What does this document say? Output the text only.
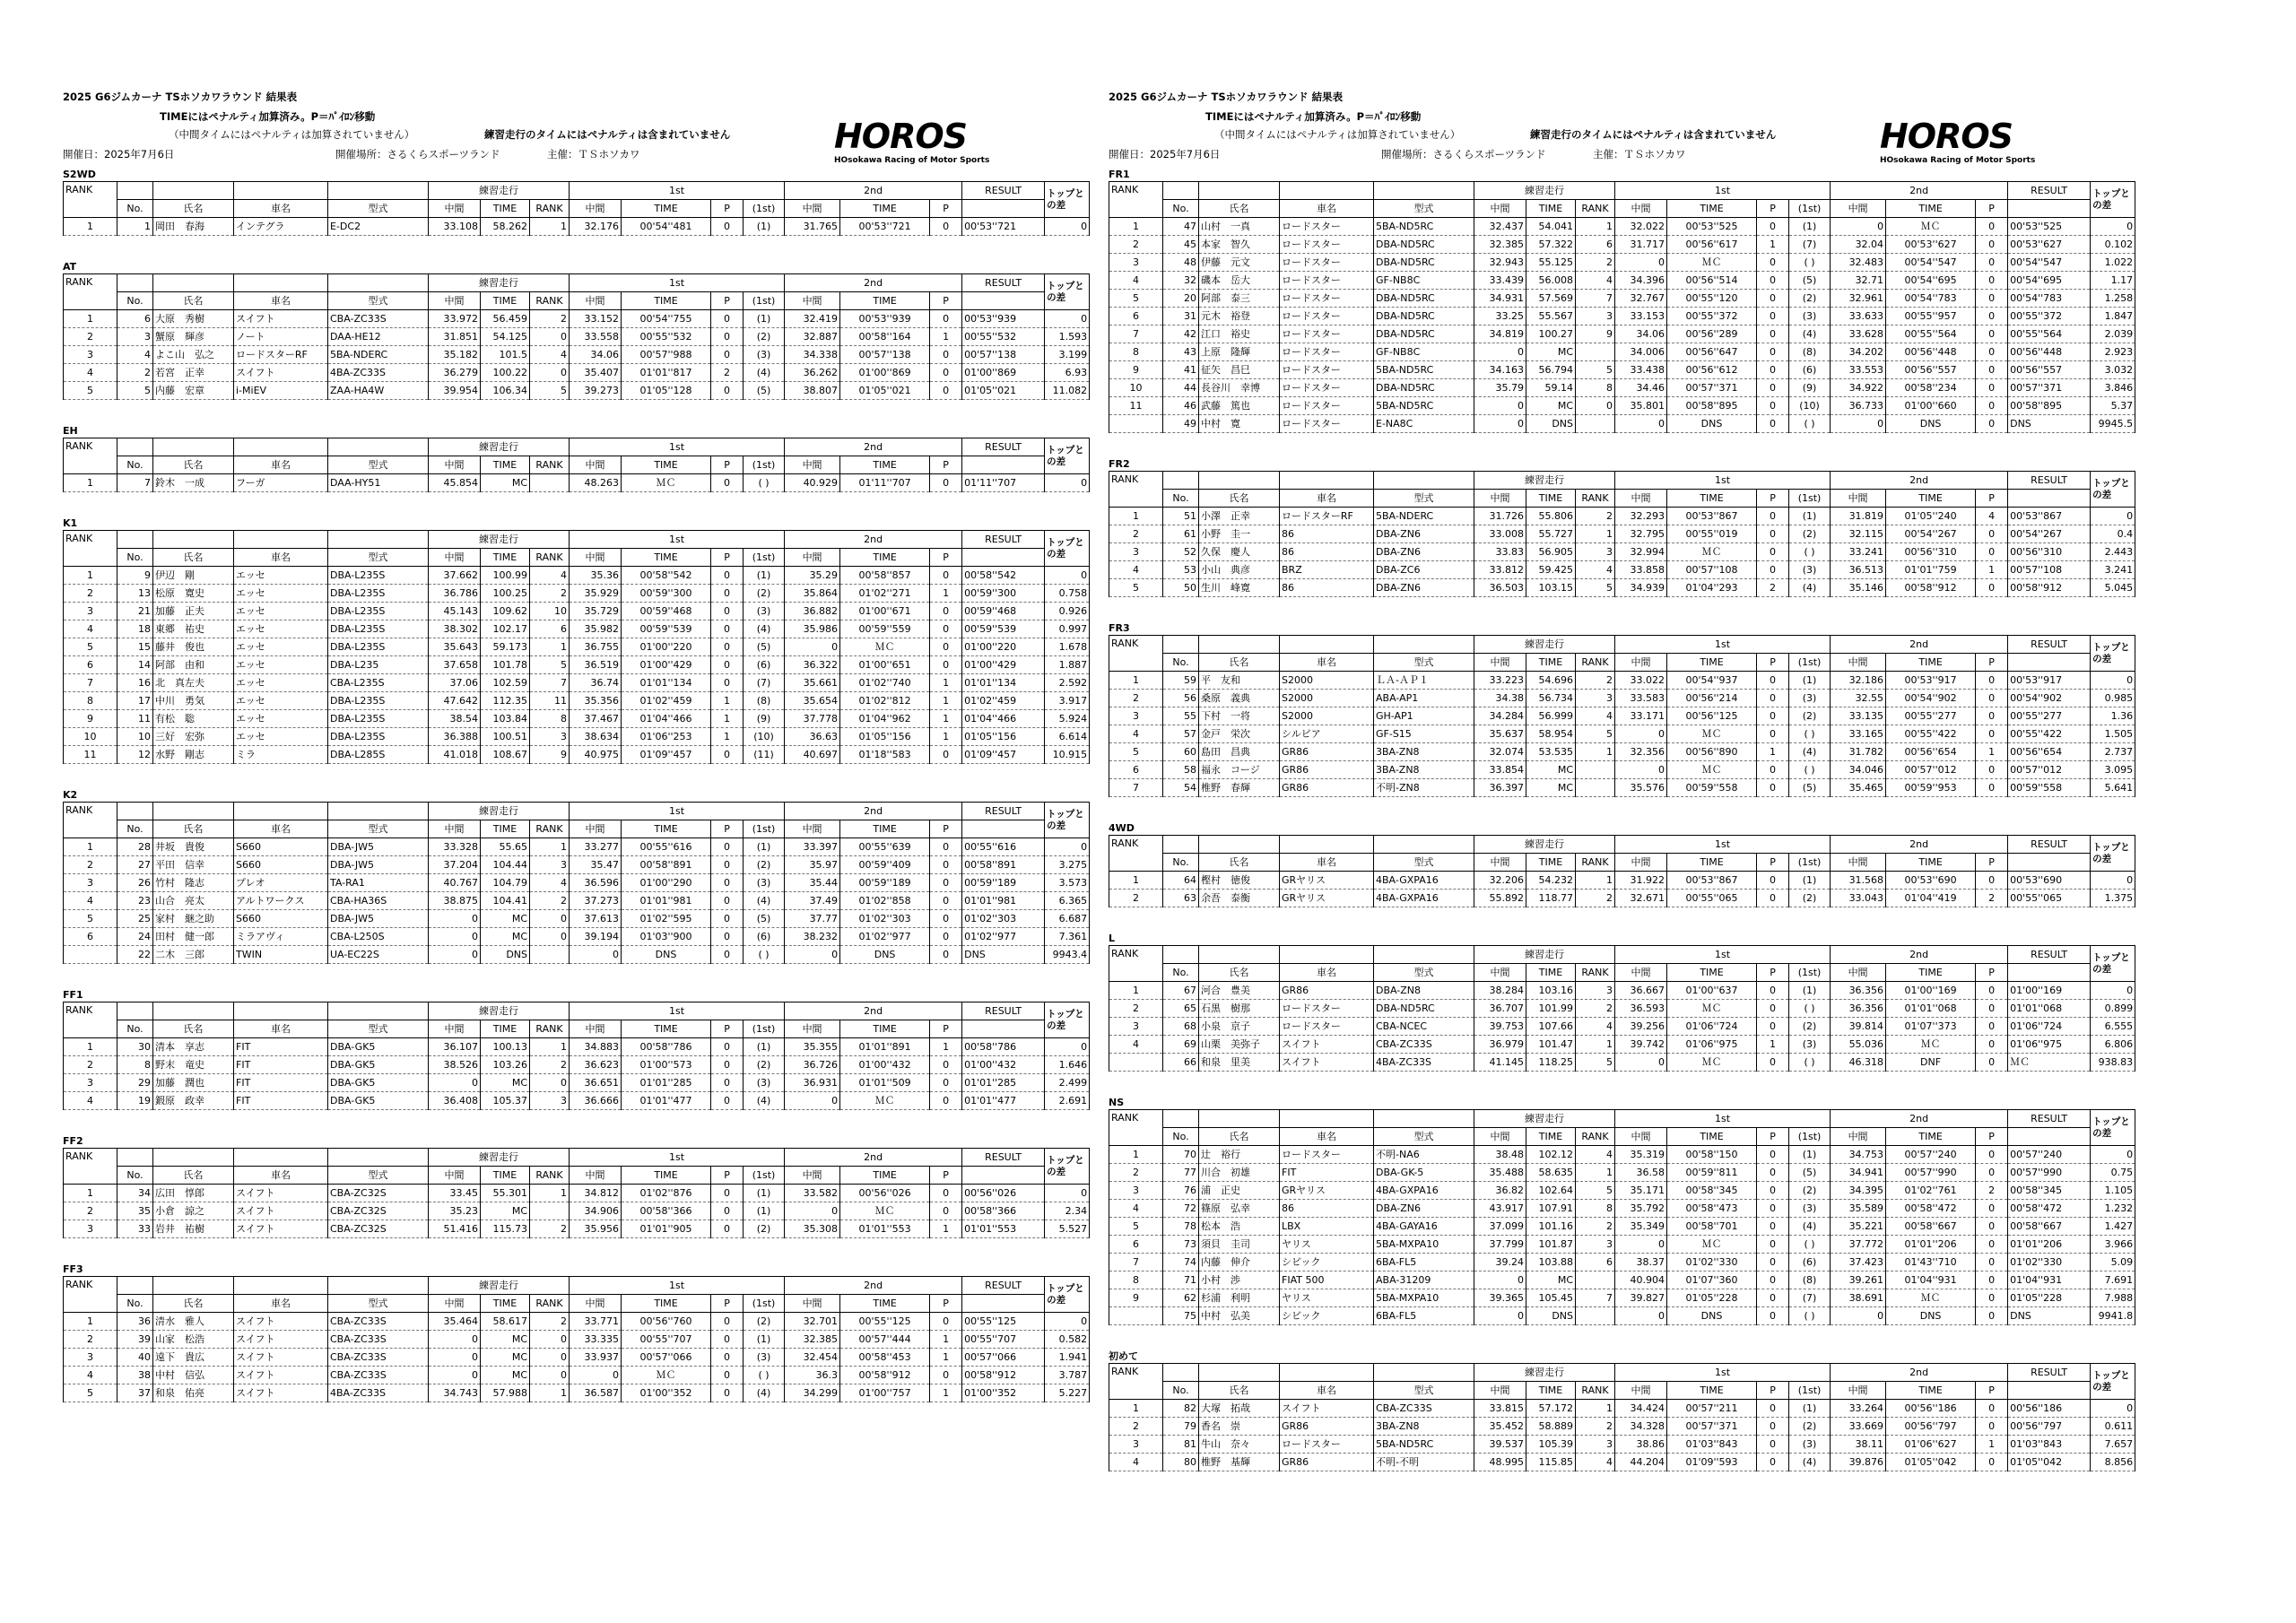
2025 G6ジムカーナ TSホソカワラウンド 結果表
TIMEにはペナルティ加算済み。P＝ﾊﾟｲﾛﾝ移動
（中間タイムにはペナルティは加算されていません）	練習走行のタイムにはペナルティは含まれていません
開催日：2025年7月6日	開催場所：さるくらスポーツランド	主催：ＴＳホソカワ	HOROS
HOsokawa Racing of Motor Sports
S2WD
RANK					練習走行			1st				2nd			RESULT	トップとの差
	No.	氏名	車名	型式	中間	TIME	RANK	中間	TIME	P	(1st)	中間	TIME	P		
1	1	岡田　春海	インテグラ	E-DC2	33.108	58.262	1	32.176	00'54''481	0	(1)	31.765	00'53''721	0	00'53''721	0
AT
RANK					練習走行			1st				2nd			RESULT	トップとの差
	No.	氏名	車名	型式	中間	TIME	RANK	中間	TIME	P	(1st)	中間	TIME	P		
1	6	大原　秀樹	スイフト	CBA-ZC33S	33.972	56.459	2	33.152	00'54''755	0	(1)	32.419	00'53''939	0	00'53''939	0
2	3	蟹原　輝彦	ノート	DAA-HE12	31.851	54.125	0	33.558	00'55''532	0	(2)	32.887	00'58''164	1	00'55''532	1.593
3	4	よこ山　弘之	ロードスターRF	5BA-NDERC	35.182	101.5	4	34.06	00'57''988	0	(3)	34.338	00'57''138	0	00'57''138	3.199
4	2	若宮　正幸	スイフト	4BA-ZC33S	36.279	100.22	0	35.407	01'01''817	2	(4)	36.262	01'00''869	0	01'00''869	6.93
5	5	内藤　宏章	i-MiEV	ZAA-HA4W	39.954	106.34	5	39.273	01'05''128	0	(5)	38.807	01'05''021	0	01'05''021	11.082
EH
RANK					練習走行			1st				2nd			RESULT	トップとの差
	No.	氏名	車名	型式	中間	TIME	RANK	中間	TIME	P	(1st)	中間	TIME	P		
1	7	鈴木　一成	フーガ	DAA-HY51	45.854	MC		48.263	ＭＣ	0	( )	40.929	01'11''707	0	01'11''707	0
K1
RANK					練習走行			1st				2nd			RESULT	トップとの差
	No.	氏名	車名	型式	中間	TIME	RANK	中間	TIME	P	(1st)	中間	TIME	P		
1	9	伊辺　剛	エッセ	DBA-L235S	37.662	100.99	4	35.36	00'58''542	0	(1)	35.29	00'58''857	0	00'58''542	0
2	13	松原　寛史	エッセ	DBA-L235S	36.786	100.25	2	35.929	00'59''300	0	(2)	35.864	01'02''271	1	00'59''300	0.758
3	21	加藤　正夫	エッセ	DBA-L235S	45.143	109.62	10	35.729	00'59''468	0	(3)	36.882	01'00''671	0	00'59''468	0.926
4	18	東郷　祐史	エッセ	DBA-L235S	38.302	102.17	6	35.982	00'59''539	0	(4)	35.986	00'59''559	0	00'59''539	0.997
5	15	藤井　俊也	エッセ	DBA-L235S	35.643	59.173	1	36.755	01'00''220	0	(5)	0	ＭＣ	0	01'00''220	1.678
6	14	阿部　由和	エッセ	DBA-L235	37.658	101.78	5	36.519	01'00''429	0	(6)	36.322	01'00''651	0	01'00''429	1.887
7	16	北　真左夫	エッセ	CBA-L235S	37.06	102.59	7	36.74	01'01''134	0	(7)	35.661	01'02''740	1	01'01''134	2.592
8	17	中川　勇気	エッセ	DBA-L235S	47.642	112.35	11	35.356	01'02''459	1	(8)	35.654	01'02''812	1	01'02''459	3.917
9	11	有松　聡	エッセ	DBA-L235S	38.54	103.84	8	37.467	01'04''466	1	(9)	37.778	01'04''962	1	01'04''466	5.924
10	10	三好　宏弥	エッセ	DBA-L235S	36.388	100.51	3	38.634	01'06''253	1	(10)	36.63	01'05''156	1	01'05''156	6.614
11	12	水野　剛志	ミラ	DBA-L285S	41.018	108.67	9	40.975	01'09''457	0	(11)	40.697	01'18''583	0	01'09''457	10.915
K2
RANK					練習走行			1st				2nd			RESULT	トップとの差
	No.	氏名	車名	型式	中間	TIME	RANK	中間	TIME	P	(1st)	中間	TIME	P		
1	28	井坂　貴俊	S660	DBA-JW5	33.328	55.65	1	33.277	00'55''616	0	(1)	33.397	00'55''639	0	00'55''616	0
2	27	平田　信幸	S660	DBA-JW5	37.204	104.44	3	35.47	00'58''891	0	(2)	35.97	00'59''409	0	00'58''891	3.275
3	26	竹村　隆志	プレオ	TA-RA1	40.767	104.79	4	36.596	01'00''290	0	(3)	35.44	00'59''189	0	00'59''189	3.573
4	23	山合　亮太	アルトワークス	CBA-HA36S	38.875	104.41	2	37.273	01'01''981	0	(4)	37.49	01'02''858	0	01'01''981	6.365
5	25	家村　継之助	S660	DBA-JW5	0	MC	0	37.613	01'02''595	0	(5)	37.77	01'02''303	0	01'02''303	6.687
6	24	田村　健一郎	ミラアヴィ	CBA-L250S	0	MC	0	39.194	01'03''900	0	(6)	38.232	01'02''977	0	01'02''977	7.361
	22	二木　三郎	TWIN	UA-EC22S	0	DNS		0	DNS	0	( )	0	DNS	0	DNS	9943.4
FF1
RANK					練習走行			1st				2nd			RESULT	トップとの差
	No.	氏名	車名	型式	中間	TIME	RANK	中間	TIME	P	(1st)	中間	TIME	P		
1	30	清本　享志	FIT	DBA-GK5	36.107	100.13	1	34.883	00'58''786	0	(1)	35.355	01'01''891	1	00'58''786	0
2	8	野末　竜史	FIT	DBA-GK5	38.526	103.26	2	36.623	01'00''573	0	(2)	36.726	01'00''432	0	01'00''432	1.646
3	29	加藤　潤也	FIT	DBA-GK5	0	MC	0	36.651	01'01''285	0	(3)	36.931	01'01''509	0	01'01''285	2.499
4	19	鍜原　政幸	FIT	DBA-GK5	36.408	105.37	3	36.666	01'01''477	0	(4)	0	ＭＣ	0	01'01''477	2.691
FF2
RANK					練習走行			1st				2nd			RESULT	トップとの差
	No.	氏名	車名	型式	中間	TIME	RANK	中間	TIME	P	(1st)	中間	TIME	P		
1	34	広田　惇郎	スイフト	CBA-ZC32S	33.45	55.301	1	34.812	01'02''876	0	(1)	33.582	00'56''026	0	00'56''026	0
2	35	小倉　諒之	スイフト	CBA-ZC32S	35.23	MC		34.906	00'58''366	0	(1)	0	ＭＣ	0	00'58''366	2.34
3	33	岩井　祐樹	スイフト	CBA-ZC32S	51.416	115.73	2	35.956	01'01''905	0	(2)	35.308	01'01''553	1	01'01''553	5.527
FF3
RANK					練習走行			1st				2nd			RESULT	トップとの差
	No.	氏名	車名	型式	中間	TIME	RANK	中間	TIME	P	(1st)	中間	TIME	P		
1	36	清水　雅人	スイフト	CBA-ZC33S	35.464	58.617	2	33.771	00'56''760	0	(2)	32.701	00'55''125	0	00'55''125	0
2	39	山家　松浩	スイフト	CBA-ZC33S	0	MC	0	33.335	00'55''707	0	(1)	32.385	00'57''444	1	00'55''707	0.582
3	40	遠下　貴広	スイフト	CBA-ZC33S	0	MC	0	33.937	00'57''066	0	(3)	32.454	00'58''453	1	00'57''066	1.941
4	38	中村　信弘	スイフト	CBA-ZC33S	0	MC	0	0	ＭＣ	0	( )	36.3	00'58''912	0	00'58''912	3.787
5	37	和泉　佑亮	スイフト	4BA-ZC33S	34.743	57.988	1	36.587	01'00''352	0	(4)	34.299	01'00''757	1	01'00''352	5.227
2025 G6ジムカーナ TSホソカワラウンド 結果表
TIMEにはペナルティ加算済み。P＝ﾊﾟｲﾛﾝ移動
（中間タイムにはペナルティは加算されていません）	練習走行のタイムにはペナルティは含まれていません
開催日：2025年7月6日	開催場所：さるくらスポーツランド	主催：ＴＳホソカワ	HOROS
HOsokawa Racing of Motor Sports
FR1
RANK					練習走行			1st				2nd			RESULT	トップとの差
	No.	氏名	車名	型式	中間	TIME	RANK	中間	TIME	P	(1st)	中間	TIME	P		
1	47	山村　一真	ロードスター	5BA-ND5RC	32.437	54.041	1	32.022	00'53''525	0	(1)	0	ＭＣ	0	00'53''525	0
2	45	本家　智久	ロードスター	DBA-ND5RC	32.385	57.322	6	31.717	00'56''617	1	(7)	32.04	00'53''627	0	00'53''627	0.102
3	48	伊藤　元文	ロードスター	DBA-ND5RC	32.943	55.125	2	0	ＭＣ	0	( )	32.483	00'54''547	0	00'54''547	1.022
4	32	磯本　岳大	ロードスター	GF-NB8C	33.439	56.008	4	34.396	00'56''514	0	(5)	32.71	00'54''695	0	00'54''695	1.17
5	20	阿部　泰三	ロードスター	DBA-ND5RC	34.931	57.569	7	32.767	00'55''120	0	(2)	32.961	00'54''783	0	00'54''783	1.258
6	31	元木　裕登	ロードスター	DBA-ND5RC	33.25	55.567	3	33.153	00'55''372	0	(3)	33.633	00'55''957	0	00'55''372	1.847
7	42	江口　裕史	ロードスター	DBA-ND5RC	34.819	100.27	9	34.06	00'56''289	0	(4)	33.628	00'55''564	0	00'55''564	2.039
8	43	上原　隆輝	ロードスター	GF-NB8C	0	MC		34.006	00'56''647	0	(8)	34.202	00'56''448	0	00'56''448	2.923
9	41	征矢　昌巳	ロードスター	5BA-ND5RC	34.163	56.794	5	33.438	00'56''612	0	(6)	33.553	00'56''557	0	00'56''557	3.032
10	44	長谷川　幸博	ロードスター	DBA-ND5RC	35.79	59.14	8	34.46	00'57''371	0	(9)	34.922	00'58''234	0	00'57''371	3.846
11	46	武藤　篤也	ロードスター	5BA-ND5RC	0	MC	0	35.801	00'58''895	0	(10)	36.733	01'00''660	0	00'58''895	5.37
	49	中村　寛	ロードスター	E-NA8C	0	DNS		0	DNS	0	( )	0	DNS	0	DNS	9945.5
FR2
RANK					練習走行			1st				2nd			RESULT	トップとの差
	No.	氏名	車名	型式	中間	TIME	RANK	中間	TIME	P	(1st)	中間	TIME	P		
1	51	小澤　正幸	ロードスターRF	5BA-NDERC	31.726	55.806	2	32.293	00'53''867	0	(1)	31.819	01'05''240	4	00'53''867	0
2	61	小野　圭一	86	DBA-ZN6	33.008	55.727	1	32.795	00'55''019	0	(2)	32.115	00'54''267	0	00'54''267	0.4
3	52	久保　慶人	86	DBA-ZN6	33.83	56.905	3	32.994	ＭＣ	0	( )	33.241	00'56''310	0	00'56''310	2.443
4	53	小山　典彦	BRZ	DBA-ZC6	33.812	59.425	4	33.858	00'57''108	0	(3)	36.513	01'01''759	1	00'57''108	3.241
5	50	生川　峰寛	86	DBA-ZN6	36.503	103.15	5	34.939	01'04''293	2	(4)	35.146	00'58''912	0	00'58''912	5.045
FR3
RANK					練習走行			1st				2nd			RESULT	トップとの差
	No.	氏名	車名	型式	中間	TIME	RANK	中間	TIME	P	(1st)	中間	TIME	P		
1	59	平　友和	S2000	ＬＡ-ＡＰ１	33.223	54.696	2	33.022	00'54''937	0	(1)	32.186	00'53''917	0	00'53''917	0
2	56	桑原　義典	S2000	ABA-AP1	34.38	56.734	3	33.583	00'56''214	0	(3)	32.55	00'54''902	0	00'54''902	0.985
3	55	下村　一将	S2000	GH-AP1	34.284	56.999	4	33.171	00'56''125	0	(2)	33.135	00'55''277	0	00'55''277	1.36
4	57	金戸　栄次	シルビア	GF-S15	35.637	58.954	5	0	ＭＣ	0	( )	33.165	00'55''422	0	00'55''422	1.505
5	60	島田　昌典	GR86	3BA-ZN8	32.074	53.535	1	32.356	00'56''890	1	(4)	31.782	00'56''654	1	00'56''654	2.737
6	58	福永　コージ	GR86	3BA-ZN8	33.854	MC		0	ＭＣ	0	( )	34.046	00'57''012	0	00'57''012	3.095
7	54	椎野　春輝	GR86	不明-ZN8	36.397	MC		35.576	00'59''558	0	(5)	35.465	00'59''953	0	00'59''558	5.641
4WD
RANK					練習走行			1st				2nd			RESULT	トップとの差
	No.	氏名	車名	型式	中間	TIME	RANK	中間	TIME	P	(1st)	中間	TIME	P		
1	64	樫村　徳俊	GRヤリス	4BA-GXPA16	32.206	54.232	1	31.922	00'53''867	0	(1)	31.568	00'53''690	0	00'53''690	0
2	63	余吾　泰衡	GRヤリス	4BA-GXPA16	55.892	118.77	2	32.671	00'55''065	0	(2)	33.043	01'04''419	2	00'55''065	1.375
L
RANK					練習走行			1st				2nd			RESULT	トップとの差
	No.	氏名	車名	型式	中間	TIME	RANK	中間	TIME	P	(1st)	中間	TIME	P		
1	67	河合　豊美	GR86	DBA-ZN8	38.284	103.16	3	36.667	01'00''637	0	(1)	36.356	01'00''169	0	01'00''169	0
2	65	石黒　樹那	ロードスター	DBA-ND5RC	36.707	101.99	2	36.593	ＭＣ	0	( )	36.356	01'01''068	0	01'01''068	0.899
3	68	小泉　京子	ロードスター	CBA-NCEC	39.753	107.66	4	39.256	01'06''724	0	(2)	39.814	01'07''373	0	01'06''724	6.555
4	69	山栗　美弥子	スイフト	CBA-ZC33S	36.979	101.47	1	39.742	01'06''975	1	(3)	55.036	ＭＣ	0	01'06''975	6.806
	66	和泉　里美	スイフト	4BA-ZC33S	41.145	118.25	5	0	ＭＣ	0	( )	46.318	DNF	0	ＭＣ	938.83
NS
RANK					練習走行			1st				2nd			RESULT	トップとの差
	No.	氏名	車名	型式	中間	TIME	RANK	中間	TIME	P	(1st)	中間	TIME	P		
1	70	辻　裕行	ロードスター	不明-NA6	38.48	102.12	4	35.319	00'58''150	0	(1)	34.753	00'57''240	0	00'57''240	0
2	77	川合　初雄	FIT	DBA-GK-5	35.488	58.635	1	36.58	00'59''811	0	(5)	34.941	00'57''990	0	00'57''990	0.75
3	76	浦　正史	GRヤリス	4BA-GXPA16	36.82	102.64	5	35.171	00'58''345	0	(2)	34.395	01'02''761	2	00'58''345	1.105
4	72	篠原　弘幸	86	DBA-ZN6	43.917	107.91	8	35.792	00'58''473	0	(3)	35.589	00'58''472	0	00'58''472	1.232
5	78	松本　浩	LBX	4BA-GAYA16	37.099	101.16	2	35.349	00'58''701	0	(4)	35.221	00'58''667	0	00'58''667	1.427
6	73	須貝　圭司	ヤリス	5BA-MXPA10	37.799	101.87	3	0	ＭＣ	0	( )	37.772	01'01''206	0	01'01''206	3.966
7	74	内藤　伸介	シビック	6BA-FL5	39.24	103.88	6	38.37	01'02''330	0	(6)	37.423	01'43''710	0	01'02''330	5.09
8	71	小村　渉	FIAT 500	ABA-31209	0	MC		40.904	01'07''360	0	(8)	39.261	01'04''931	0	01'04''931	7.691
9	62	杉浦　利明	ヤリス	5BA-MXPA10	39.365	105.45	7	39.827	01'05''228	0	(7)	38.691	ＭＣ	0	01'05''228	7.988
	75	中村　弘美	シビック	6BA-FL5	0	DNS		0	DNS	0	( )	0	DNS	0	DNS	9941.8
初めて
RANK					練習走行			1st				2nd			RESULT	トップとの差
	No.	氏名	車名	型式	中間	TIME	RANK	中間	TIME	P	(1st)	中間	TIME	P		
1	82	大塚　拓哉	スイフト	CBA-ZC33S	33.815	57.172	1	34.424	00'57''211	0	(1)	33.264	00'56''186	0	00'56''186	0
2	79	香名　崇	GR86	3BA-ZN8	35.452	58.889	2	34.328	00'57''371	0	(2)	33.669	00'56''797	0	00'56''797	0.611
3	81	牛山　奈々	ロードスター	5BA-ND5RC	39.537	105.39	3	38.86	01'03''843	0	(3)	38.11	01'06''627	1	01'03''843	7.657
4	80	椎野　基輝	GR86	不明-不明	48.995	115.85	4	44.204	01'09''593	0	(4)	39.876	01'05''042	0	01'05''042	8.856
